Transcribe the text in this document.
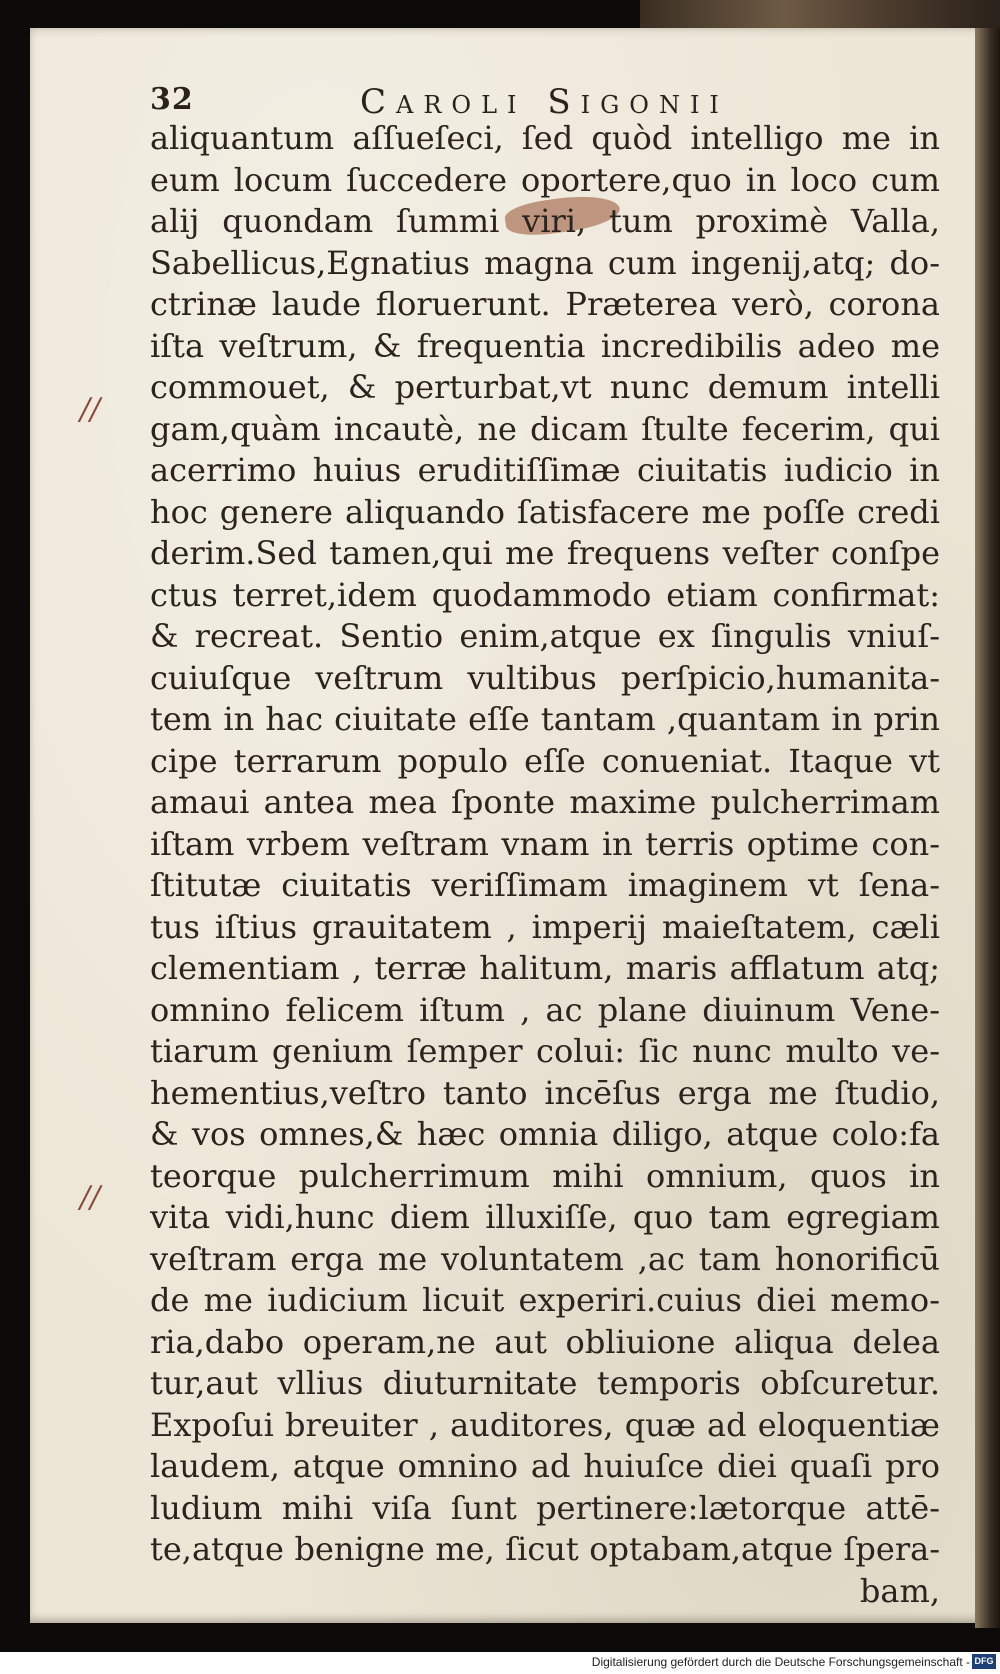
32	Caroli Sigonii
//
//
aliquantum aſſueſeci, ſed quòd intelligo me in
eum locum ſuccedere oportere,quo in loco cum
alij quondam ſummi viri, tum proximè Valla,
Sabellicus,Egnatius magna cum ingenij,atq; do-
ctrinæ laude floruerunt. Præterea verò, corona
iſta veſtrum, & frequentia incredibilis adeo me
commouet, & perturbat,vt nunc demum intelli
gam,quàm incautè, ne dicam ſtulte fecerim, qui
acerrimo huius eruditiſſimæ ciuitatis iudicio in
hoc genere aliquando ſatisfacere me poſſe credi
derim.Sed tamen,qui me frequens veſter conſpe
ctus terret,idem quodammodo etiam confirmat:
& recreat. Sentio enim,atque ex ſingulis vniuſ-
cuiuſque veſtrum vultibus perſpicio,humanita-
tem in hac ciuitate eſſe tantam ,quantam in prin
cipe terrarum populo eſſe conueniat. Itaque vt
amaui antea mea ſponte maxime pulcherrimam
iſtam vrbem veſtram vnam in terris optime con-
ſtitutæ ciuitatis veriſſimam imaginem vt ſena-
tus iſtius grauitatem , imperij maieſtatem, cæli
clementiam , terræ halitum, maris afflatum atq;
omnino felicem iſtum , ac plane diuinum Vene-
tiarum genium ſemper colui: ſic nunc multo ve-
hementius,veſtro tanto incēſus erga me ſtudio,
& vos omnes,& hæc omnia diligo, atque colo:fa
teorque pulcherrimum mihi omnium, quos in
vita vidi,hunc diem illuxiſſe, quo tam egregiam
veſtram erga me voluntatem ,ac tam honorificū
de me iudicium licuit experiri.cuius diei memo-
ria,dabo operam,ne aut obliuione aliqua delea
tur,aut vllius diuturnitate temporis obſcuretur.
Expoſui breuiter , auditores, quæ ad eloquentiæ
laudem, atque omnino ad huiuſce diei quaſi pro
ludium mihi viſa ſunt pertinere:lætorque attē-
te,atque benigne me, ſicut optabam,atque ſpera-
bam,
Digitalisierung gefördert durch die Deutsche Forschungsgemeinschaft - DFG
